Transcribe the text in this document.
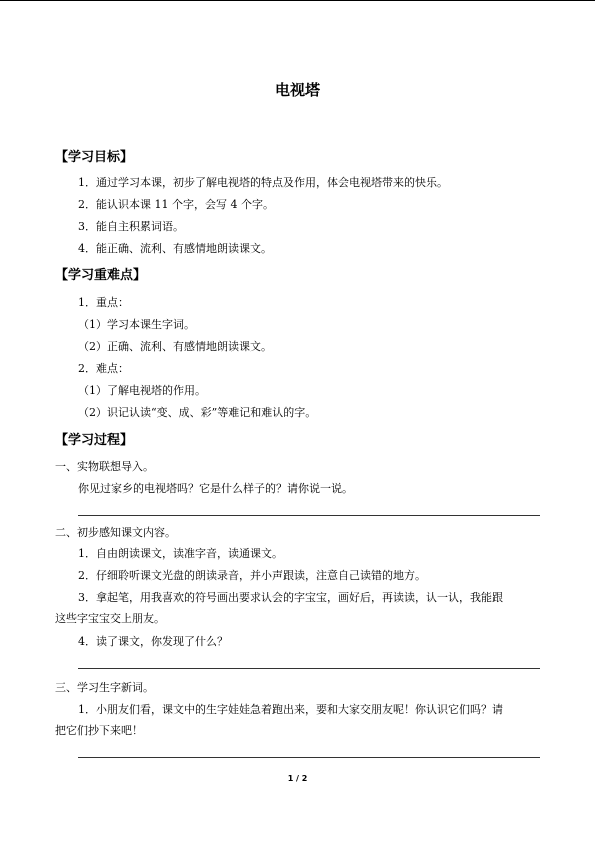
电视塔
【学习目标】
1．通过学习本课，初步了解电视塔的特点及作用，体会电视塔带来的快乐。
2．能认识本课 11 个字，会写 4 个字。
3．能自主积累词语。
4．能正确、流利、有感情地朗读课文。
【学习重难点】
1．重点：
（1）学习本课生字词。
（2）正确、流利、有感情地朗读课文。
2．难点：
（1）了解电视塔的作用。
（2）识记认读“变、成、彩”等难记和难认的字。
【学习过程】
一、实物联想导入。
你见过家乡的电视塔吗？它是什么样子的？请你说一说。
二、初步感知课文内容。
1．自由朗读课文，读准字音，读通课文。
2．仔细聆听课文光盘的朗读录音，并小声跟读，注意自己读错的地方。
3．拿起笔，用我喜欢的符号画出要求认会的字宝宝，画好后，再读读，认一认，我能跟
这些字宝宝交上朋友。
4．读了课文，你发现了什么？
三、学习生字新词。
1．小朋友们看，课文中的生字娃娃急着跑出来，要和大家交朋友呢！你认识它们吗？请
把它们抄下来吧！
1 / 2
